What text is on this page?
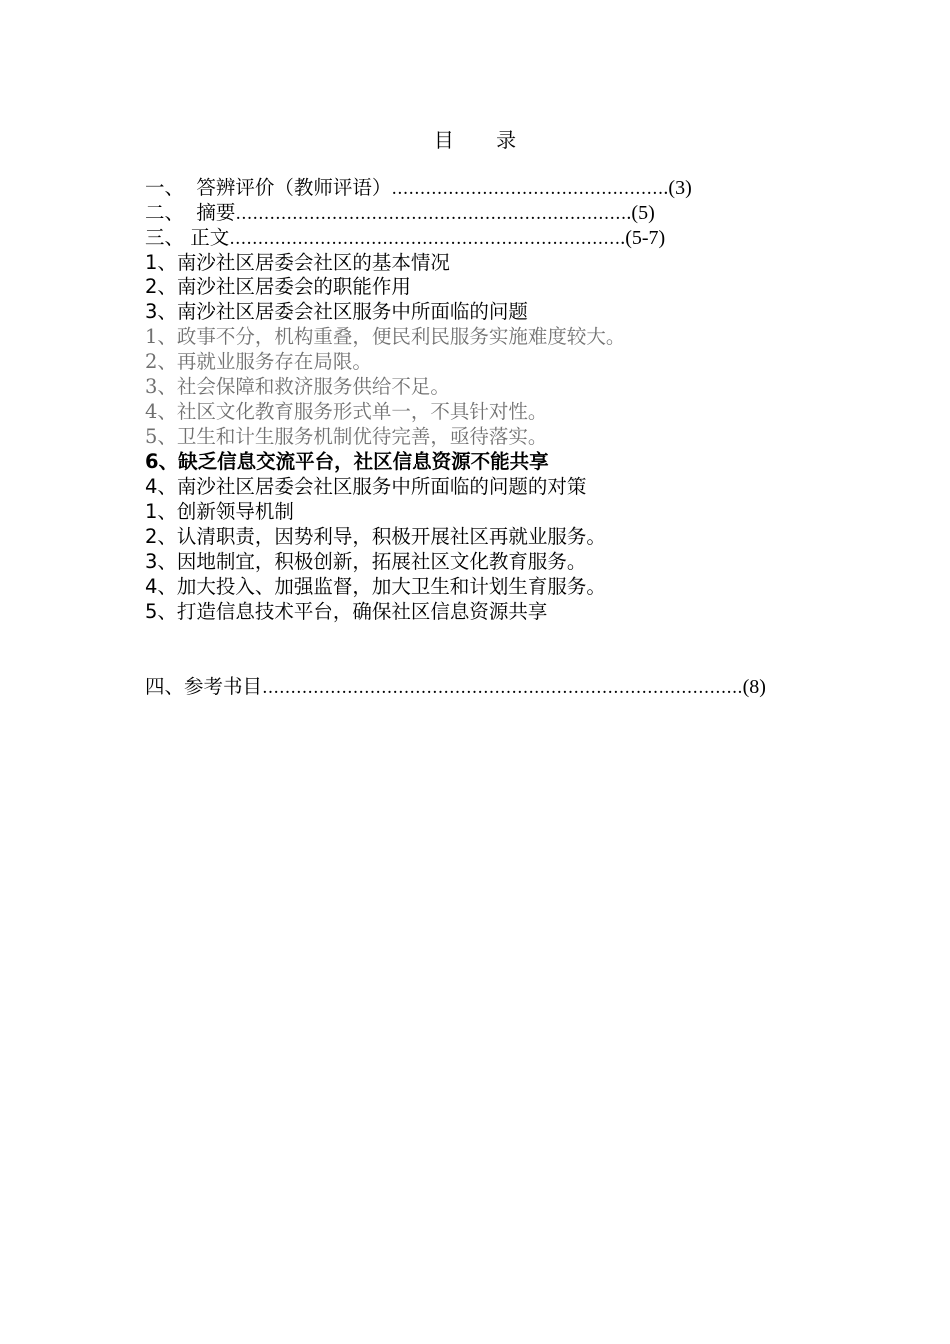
目 录
一、 答辨评价（教师评语） ………………………………………… .(3)
二、 摘要 …………………………………………………………… .(5)
三、 正文 …………………………………………………………… .(5-7)
1、南沙社区居委会社区的基本情况
2、南沙社区居委会的职能作用
3、南沙社区居委会社区服务中所面临的问题
1、政事不分，机构重叠，便民利民服务实施难度较大。
2、再就业服务存在局限。
3、社会保障和救济服务供给不足。
4、社区文化教育服务形式单一，不具针对性。
5、卫生和计生服务机制优待完善，亟待落实。
6、缺乏信息交流平台，社区信息资源不能共享
4、南沙社区居委会社区服务中所面临的问题的对策
1、创新领导机制
2、认清职责，因势利导，积极开展社区再就业服务。
3、因地制宜，积极创新，拓展社区文化教育服务。
4、加大投入、加强监督，加大卫生和计划生育服务。
5、打造信息技术平台，确保社区信息资源共享
四、参考书目 ………………………………………….……………………………... (8)
